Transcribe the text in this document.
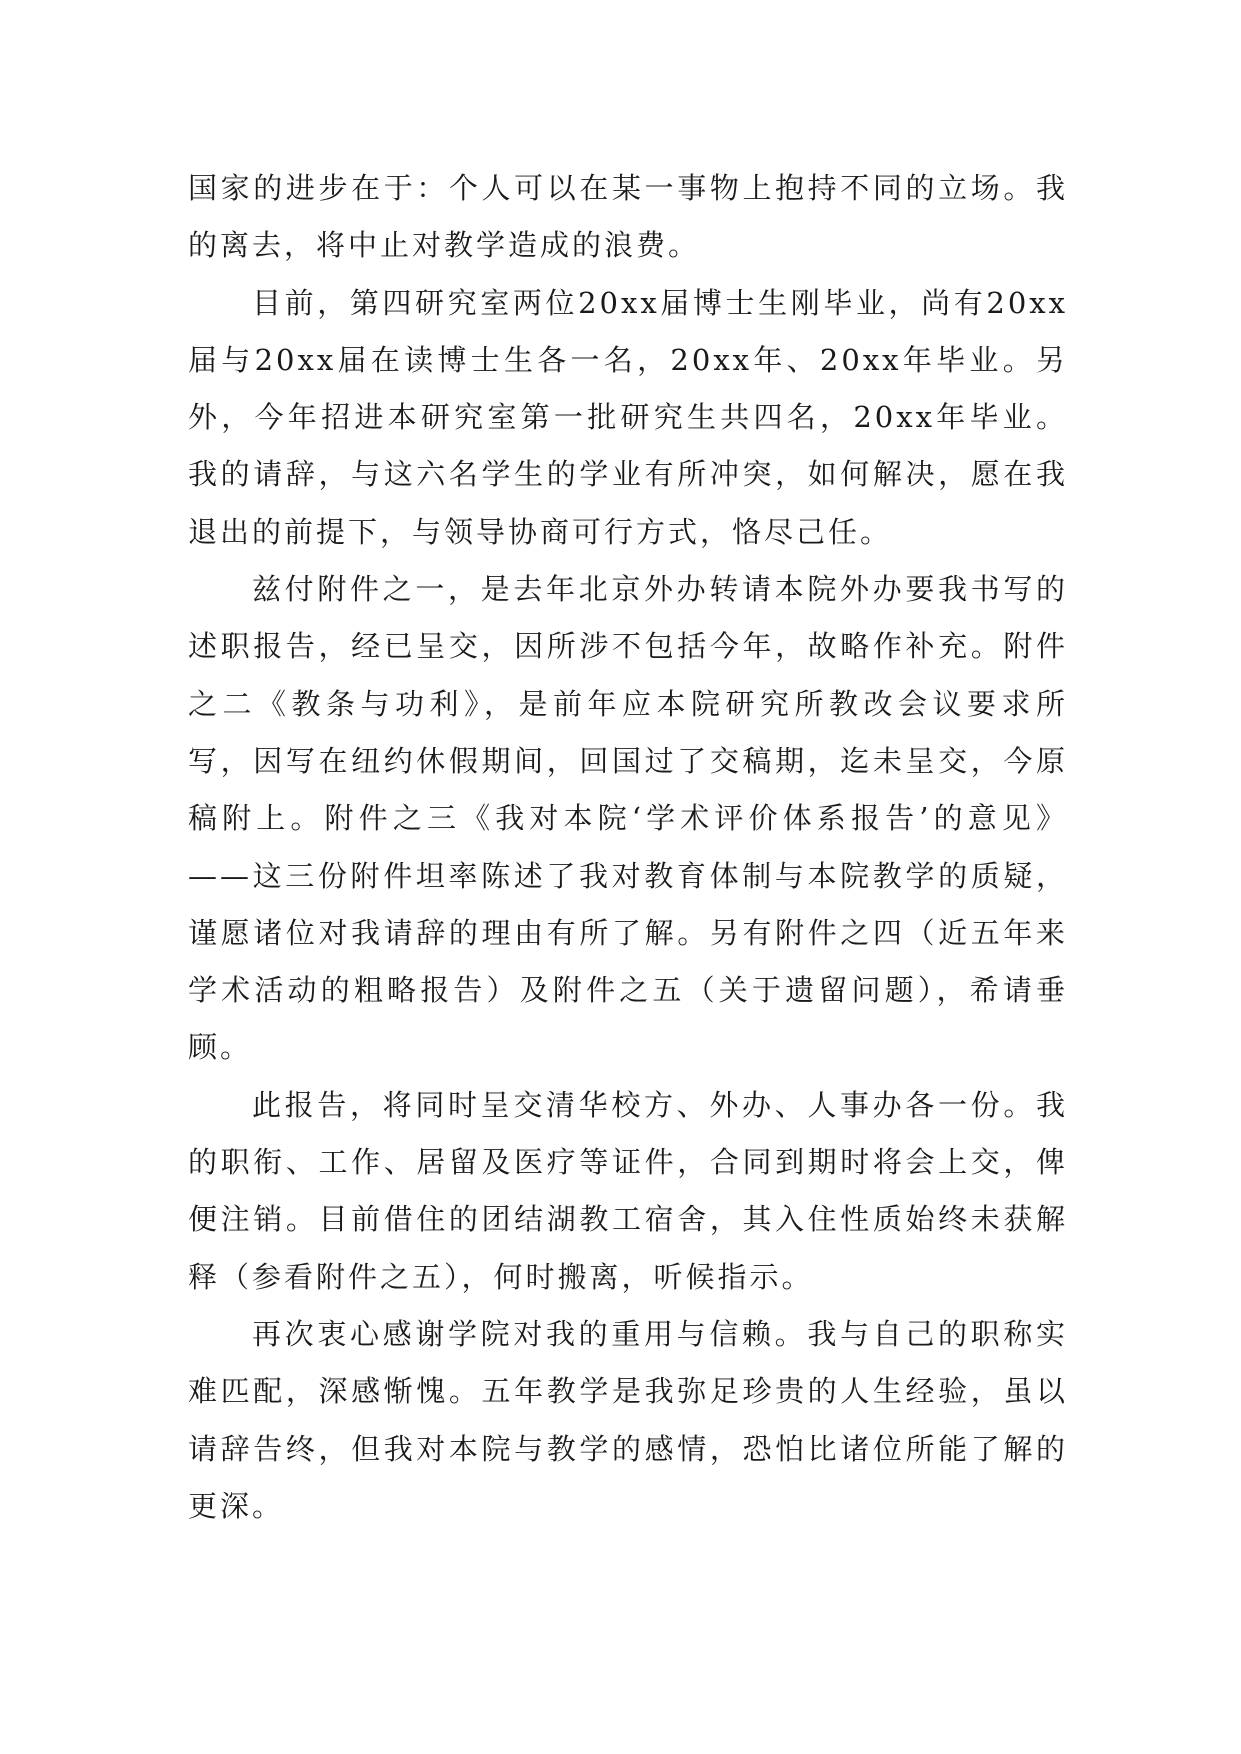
国家的进步在于：个人可以在某一事物上抱持不同的立场。我的离去，将中止对教学造成的浪费。

目前，第四研究室两位20xx届博士生刚毕业，尚有20xx届与20xx届在读博士生各一名，20xx年、20xx年毕业。另外，今年招进本研究室第一批研究生共四名，20xx年毕业。我的请辞，与这六名学生的学业有所冲突，如何解决，愿在我退出的前提下，与领导协商可行方式，恪尽己任。

兹付附件之一，是去年北京外办转请本院外办要我书写的述职报告，经已呈交，因所涉不包括今年，故略作补充。附件之二《教条与功利》，是前年应本院研究所教改会议要求所写，因写在纽约休假期间，回国过了交稿期，迄未呈交，今原稿附上。附件之三《我对本院‘学术评价体系报告’的意见》——这三份附件坦率陈述了我对教育体制与本院教学的质疑，谨愿诸位对我请辞的理由有所了解。另有附件之四（近五年来学术活动的粗略报告）及附件之五（关于遗留问题），希请垂顾。

此报告，将同时呈交清华校方、外办、人事办各一份。我的职衔、工作、居留及医疗等证件，合同到期时将会上交，俾便注销。目前借住的团结湖教工宿舍，其入住性质始终未获解释（参看附件之五），何时搬离，听候指示。

再次衷心感谢学院对我的重用与信赖。我与自己的职称实难匹配，深感惭愧。五年教学是我弥足珍贵的人生经验，虽以请辞告终，但我对本院与教学的感情，恐怕比诸位所能了解的更深。
